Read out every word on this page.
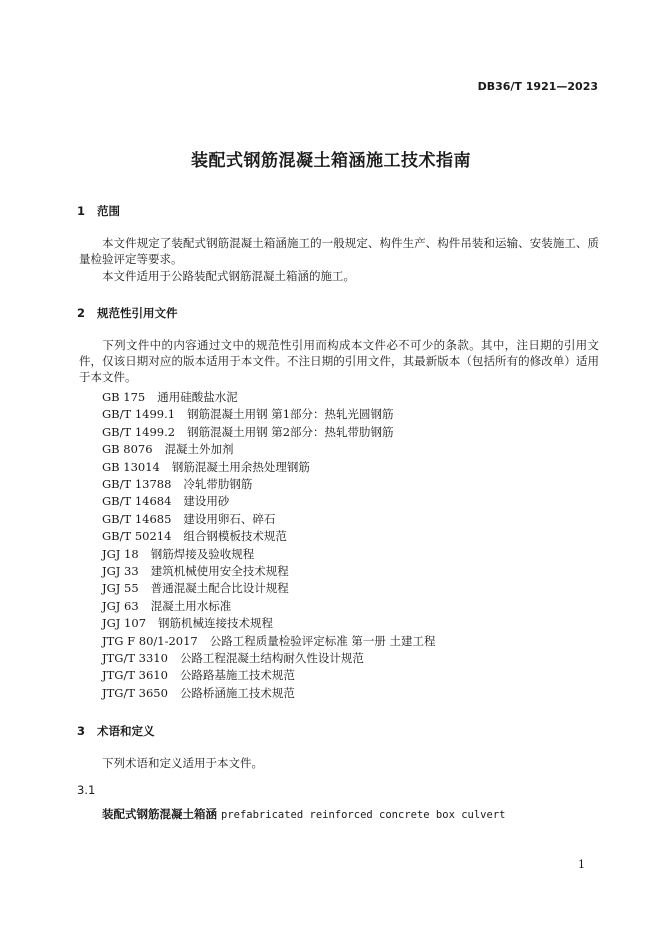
DB36/T 1921—2023
装配式钢筋混凝土箱涵施工技术指南
1 范围
本文件规定了装配式钢筋混凝土箱涵施工的一般规定、构件生产、构件吊装和运输、安装施工、质量检验评定等要求。
本文件适用于公路装配式钢筋混凝土箱涵的施工。
2 规范性引用文件
下列文件中的内容通过文中的规范性引用而构成本文件必不可少的条款。其中，注日期的引用文件，仅该日期对应的版本适用于本文件。不注日期的引用文件，其最新版本（包括所有的修改单）适用于本文件。
GB 175 通用硅酸盐水泥
GB/T 1499.1 钢筋混凝土用钢 第1部分：热轧光圆钢筋
GB/T 1499.2 钢筋混凝土用钢 第2部分：热轧带肋钢筋
GB 8076 混凝土外加剂
GB 13014 钢筋混凝土用余热处理钢筋
GB/T 13788 冷轧带肋钢筋
GB/T 14684 建设用砂
GB/T 14685 建设用卵石、碎石
GB/T 50214 组合钢模板技术规范
JGJ 18 钢筋焊接及验收规程
JGJ 33 建筑机械使用安全技术规程
JGJ 55 普通混凝土配合比设计规程
JGJ 63 混凝土用水标准
JGJ 107 钢筋机械连接技术规程
JTG F 80/1-2017 公路工程质量检验评定标准 第一册 土建工程
JTG/T 3310 公路工程混凝土结构耐久性设计规范
JTG/T 3610 公路路基施工技术规范
JTG/T 3650 公路桥涵施工技术规范
3 术语和定义
下列术语和定义适用于本文件。
3.1
装配式钢筋混凝土箱涵 prefabricated reinforced concrete box culvert
1
